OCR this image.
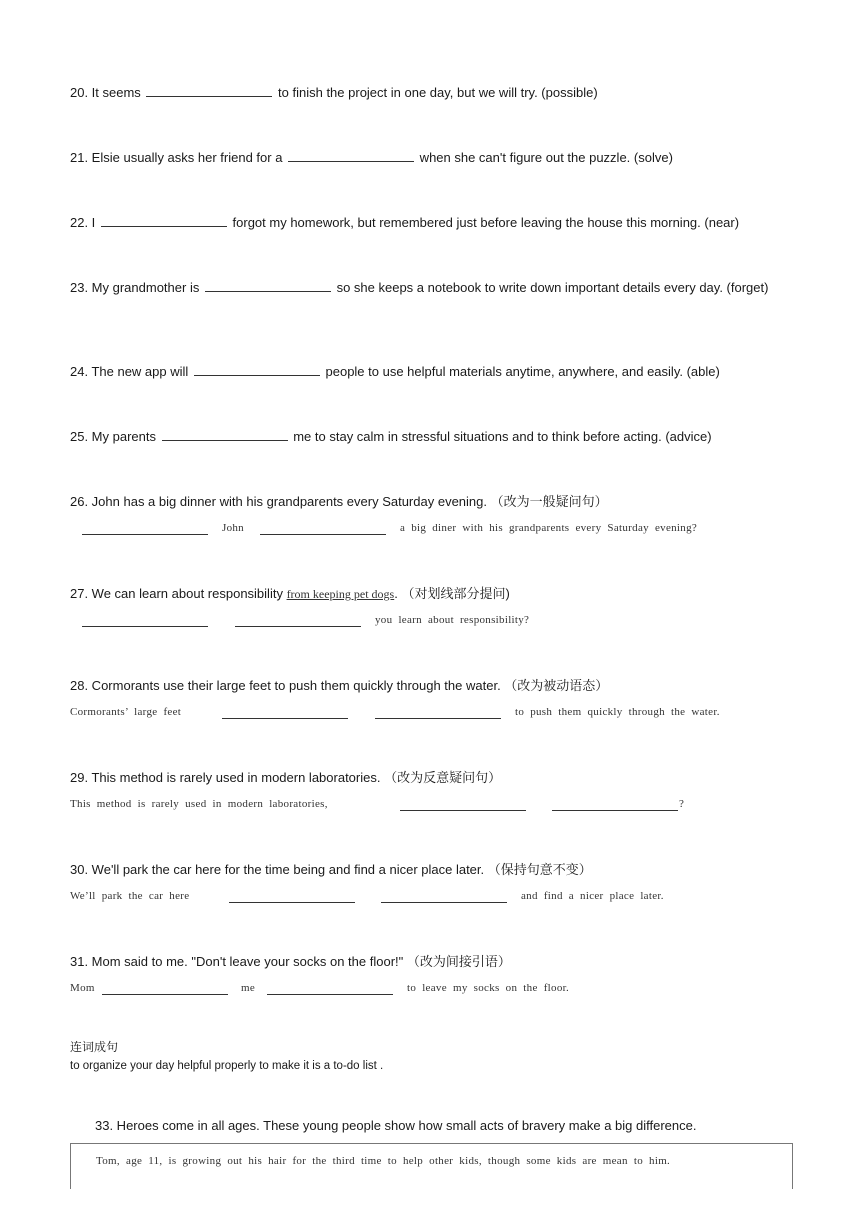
20. It seems	to finish the project in one day, but we will try. (possible)
21. Elsie usually asks her friend for a	when she can't figure out the puzzle. (solve)
22. I	forgot my homework, but remembered just before leaving the house this morning. (near)
23. My grandmother is	so she keeps a notebook to write down important details every day. (forget)
24. The new app will	people to use helpful materials anytime, anywhere, and easily. (able)
25. My parents	me to stay calm in stressful situations and to think before acting. (advice)
26. John has a big dinner with his grandparents every Saturday evening. （改为一般疑问句）
John	a big diner with his grandparents every Saturday evening?
27. We can learn about responsibility from keeping pet dogs. （对划线部分提问)
you learn about responsibility?
28. Cormorants use their large feet to push them quickly through the water. （改为被动语态）
Cormorants’ large feet	to push them quickly through the water.
29. This method is rarely used in modern laboratories. （改为反意疑问句）
This method is rarely used in modern laboratories,	?
30. We'll park the car here for the time being and find a nicer place later. （保持句意不变）
We’ll park the car here	and find a nicer place later.
31. Mom said to me. "Don't leave your socks on the floor!" （改为间接引语）
Mom	me	to leave my socks on the floor.
连词成句
to organize your day helpful properly to make it is a to-do list .
33. Heroes come in all ages. These young people show how small acts of bravery make a big difference.
Tom, age 11, is growing out his hair for the third time to help other kids, though some kids are mean to him.
